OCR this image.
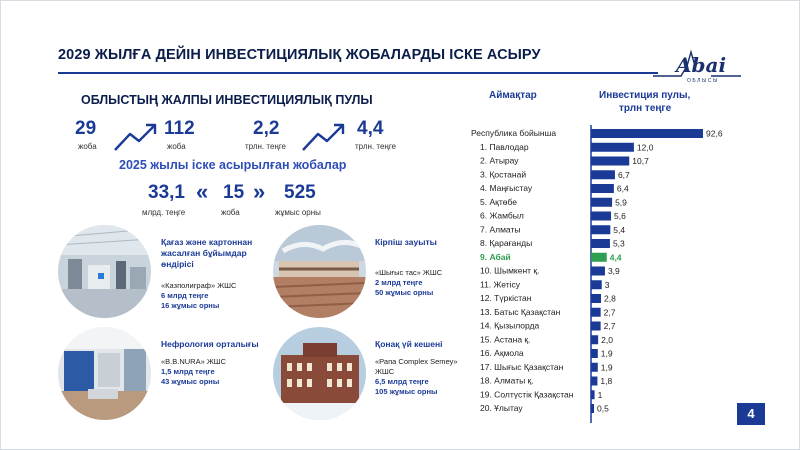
2029 ЖЫЛҒА ДЕЙІН ИНВЕСТИЦИЯЛЫҚ ЖОБАЛАРДЫ ІСКЕ АСЫРУ	Abai
ОБЛЫСЫ
ОБЛЫСТЫҢ ЖАЛПЫ ИНВЕСТИЦИЯЛЫҚ ПУЛЫ
29
жоба
112
жоба
2,2
трлн. теңге
4,4
трлн. теңге
2025 жылы іске асырылған жобалар
33,1
млрд. теңге
« 15
жоба
» 525
жұмыс орны
Қағаз және картоннан жасалған бұйымдар өндірісі
«Казполиграф» ЖШС
6 млрд теңге
16 жұмыс орны
Кірпіш зауыты
«Шығыс тас» ЖШС
2 млрд теңге
50 жұмыс орны
Нефрология орталығы
«B.B.NURA» ЖШС
1,5 млрд теңге
43 жұмыс орны
Қонақ үй кешені
«Рапа Complex Semey»
ЖШС
6,5 млрд теңге
105 жұмыс орны
Аймақтар	Инвестиция пулы,
трлн теңге
Республика бойынша	92,6
1. Павлодар	12,0
2. Атырау	10,7
3. Қостанай	6,7
4. Маңғыстау	6,4
5. Ақтөбе	5,9
6. Жамбыл	5,6
7. Алматы	5,4
8. Қарағанды	5,3
9. Абай	4,4
10. Шымкент қ.	3,9
11. Жетісу	3
12. Түркістан	2,8
13. Батыс Қазақстан	2,7
14. Қызылорда	2,7
15. Астана қ.	2,0
16. Ақмола	1,9
17. Шығыс Қазақстан	1,9
18. Алматы қ.	1,8
19. Солтүстік Қазақстан	1
20. Ұлытау	0,5	4
